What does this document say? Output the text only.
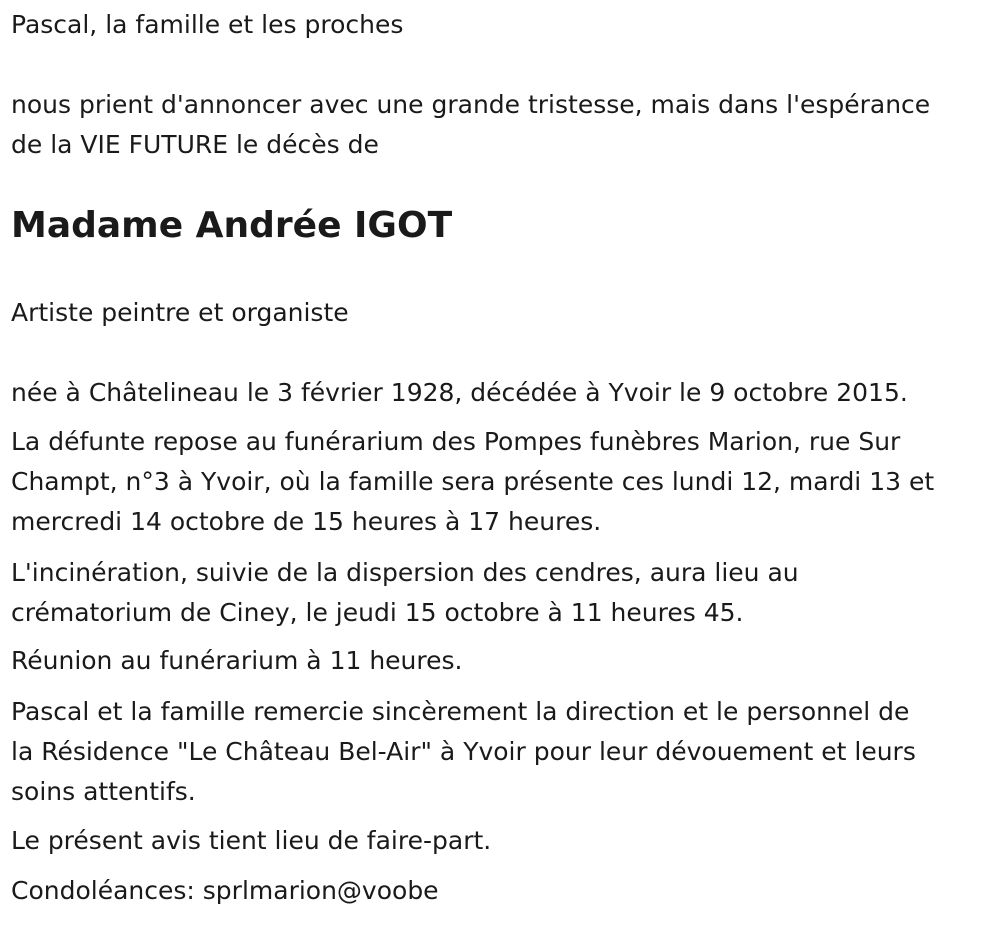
Pascal, la famille et les proches

nous prient d'annoncer avec une grande tristesse, mais dans l'espérance

de la VIE FUTURE le décès de

Madame Andrée IGOT

Artiste peintre et organiste

née à Châtelineau le 3 février 1928, décédée à Yvoir le 9 octobre 2015.

La défunte repose au funérarium des Pompes funèbres Marion, rue Sur

Champt, n°3 à Yvoir, où la famille sera présente ces lundi 12, mardi 13 et

mercredi 14 octobre de 15 heures à 17 heures.

L'incinération, suivie de la dispersion des cendres, aura lieu au

crématorium de Ciney, le jeudi 15 octobre à 11 heures 45.

Réunion au funérarium à 11 heures.

Pascal et la famille remercie sincèrement la direction et le personnel de

la Résidence "Le Château Bel-Air" à Yvoir pour leur dévouement et leurs

soins attentifs.

Le présent avis tient lieu de faire-part.

Condoléances: sprlmarion@voobe
